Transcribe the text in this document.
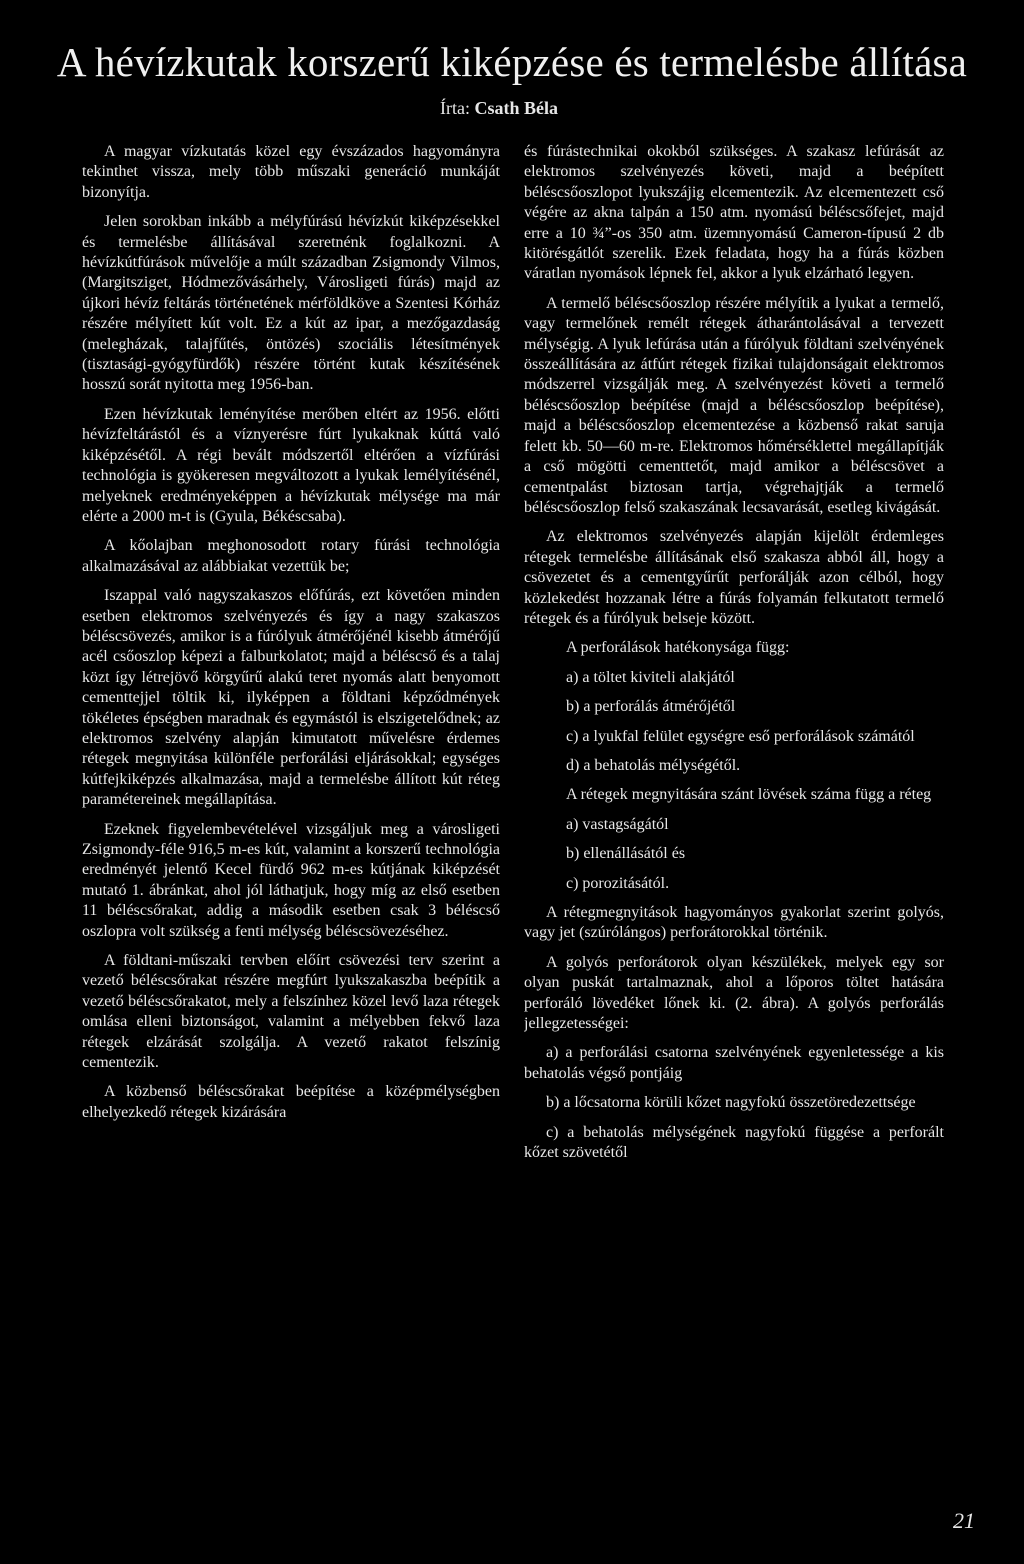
A hévízkutak korszerű kiképzése és termelésbe állítása
Írta: Csath Béla

A magyar vízkutatás közel egy évszázados hagyományra tekinthet vissza, mely több műszaki generáció munkáját bizonyítja.

Jelen sorokban inkább a mélyfúrású hévízkút kiképzésekkel és termelésbe állításával szeretnénk foglalkozni. A hévízkútfúrások művelője a múlt században Zsigmondy Vilmos, (Margitsziget, Hódmezővásárhely, Városligeti fúrás) majd az újkori hévíz feltárás történetének mérföldköve a Szentesi Kórház részére mélyített kút volt. Ez a kút az ipar, a mezőgazdaság (melegházak, talajfűtés, öntözés) szociális létesítmények (tisztasági-gyógyfürdők) részére történt kutak készítésének hosszú sorát nyitotta meg 1956-ban.

Ezen hévízkutak leményítése merőben eltért az 1956. előtti hévízfeltárástól és a víznyerésre fúrt lyukaknak kúttá való kiképzésétől. A régi bevált módszertől eltérően a vízfúrási technológia is gyökeresen megváltozott a lyukak lemélyítésénél, melyeknek eredményeképpen a hévízkutak mélysége ma már elérte a 2000 m-t is (Gyula, Békéscsaba).

A kőolajban meghonosodott rotary fúrási technológia alkalmazásával az alábbiakat vezettük be;

Iszappal való nagyszakaszos előfúrás, ezt követően minden esetben elektromos szelvényezés és így a nagy szakaszos béléscsövezés, amikor is a fúrólyuk átmérőjénél kisebb átmérőjű acél csőoszlop képezi a falburkolatot; majd a béléscső és a talaj közt így létrejövő körgyűrű alakú teret nyomás alatt benyomott cementtejjel töltik ki, ilyképpen a földtani képződmények tökéletes épségben maradnak és egymástól is elszigetelődnek; az elektromos szelvény alapján kimutatott művelésre érdemes rétegek megnyitása különféle perforálási eljárásokkal; egységes kútfejkiképzés alkalmazása, majd a termelésbe állított kút réteg paramétereinek megállapítása.

Ezeknek figyelembevételével vizsgáljuk meg a városligeti Zsigmondy-féle 916,5 m-es kút, valamint a korszerű technológia eredményét jelentő Kecel fürdő 962 m-es kútjának kiképzését mutató 1. ábránkat, ahol jól láthatjuk, hogy míg az első esetben 11 béléscsőrakat, addig a második esetben csak 3 béléscső oszlopra volt szükség a fenti mélység béléscsövezéséhez.

A földtani-műszaki tervben előírt csövezési terv szerint a vezető béléscsőrakat részére megfúrt lyukszakaszba beépítik a vezető béléscsőrakatot, mely a felszínhez közel levő laza rétegek omlása elleni biztonságot, valamint a mélyebben fekvő laza rétegek elzárását szolgálja. A vezető rakatot felszínig cementezik.

A közbenső béléscsőrakat beépítése a középmélységben elhelyezkedő rétegek kizárására

és fúrástechnikai okokból szükséges. A szakasz lefúrását az elektromos szelvényezés követi, majd a beépített béléscsőoszlopot lyukszájig elcementezik. Az elcementezett cső végére az akna talpán a 150 atm. nyomású béléscsőfejet, majd erre a 10 ¾”-os 350 atm. üzemnyomású Cameron-típusú 2 db kitörésgátlót szerelik. Ezek feladata, hogy ha a fúrás közben váratlan nyomások lépnek fel, akkor a lyuk elzárható legyen.

A termelő béléscsőoszlop részére mélyítik a lyukat a termelő, vagy termelőnek remélt rétegek átharántolásával a tervezett mélységig. A lyuk lefúrása után a fúrólyuk földtani szelvényének összeállítására az átfúrt rétegek fizikai tulajdonságait elektromos módszerrel vizsgálják meg. A szelvényezést követi a termelő béléscsőoszlop beépítése (majd a béléscsőoszlop beépítése), majd a béléscsőoszlop elcementezése a közbenső rakat saruja felett kb. 50—60 m-re. Elektromos hőmérséklettel megállapítják a cső mögötti cementtetőt, majd amikor a béléscsövet a cementpalást biztosan tartja, végrehajtják a termelő béléscsőoszlop felső szakaszának lecsavarását, esetleg kivágását.

Az elektromos szelvényezés alapján kijelölt érdemleges rétegek termelésbe állításának első szakasza abból áll, hogy a csövezetet és a cementgyűrűt perforálják azon célból, hogy közlekedést hozzanak létre a fúrás folyamán felkutatott termelő rétegek és a fúrólyuk belseje között.

A perforálások hatékonysága függ:

a) a töltet kiviteli alakjától

b) a perforálás átmérőjétől

c) a lyukfal felület egységre eső perforálások számától

d) a behatolás mélységétől.

A rétegek megnyitására szánt lövések száma függ a réteg

a) vastagságától

b) ellenállásától és

c) porozitásától.

A rétegmegnyitások hagyományos gyakorlat szerint golyós, vagy jet (szúrólángos) perforátorokkal történik.

A golyós perforátorok olyan készülékek, melyek egy sor olyan puskát tartalmaznak, ahol a lőporos töltet hatására perforáló lövedéket lőnek ki. (2. ábra). A golyós perforálás jellegzetességei:

a) a perforálási csatorna szelvényének egyenletessége a kis behatolás végső pontjáig

b) a lőcsatorna körüli kőzet nagyfokú összetöredezettsége

c) a behatolás mélységének nagyfokú függése a perforált kőzet szövetétől

21
